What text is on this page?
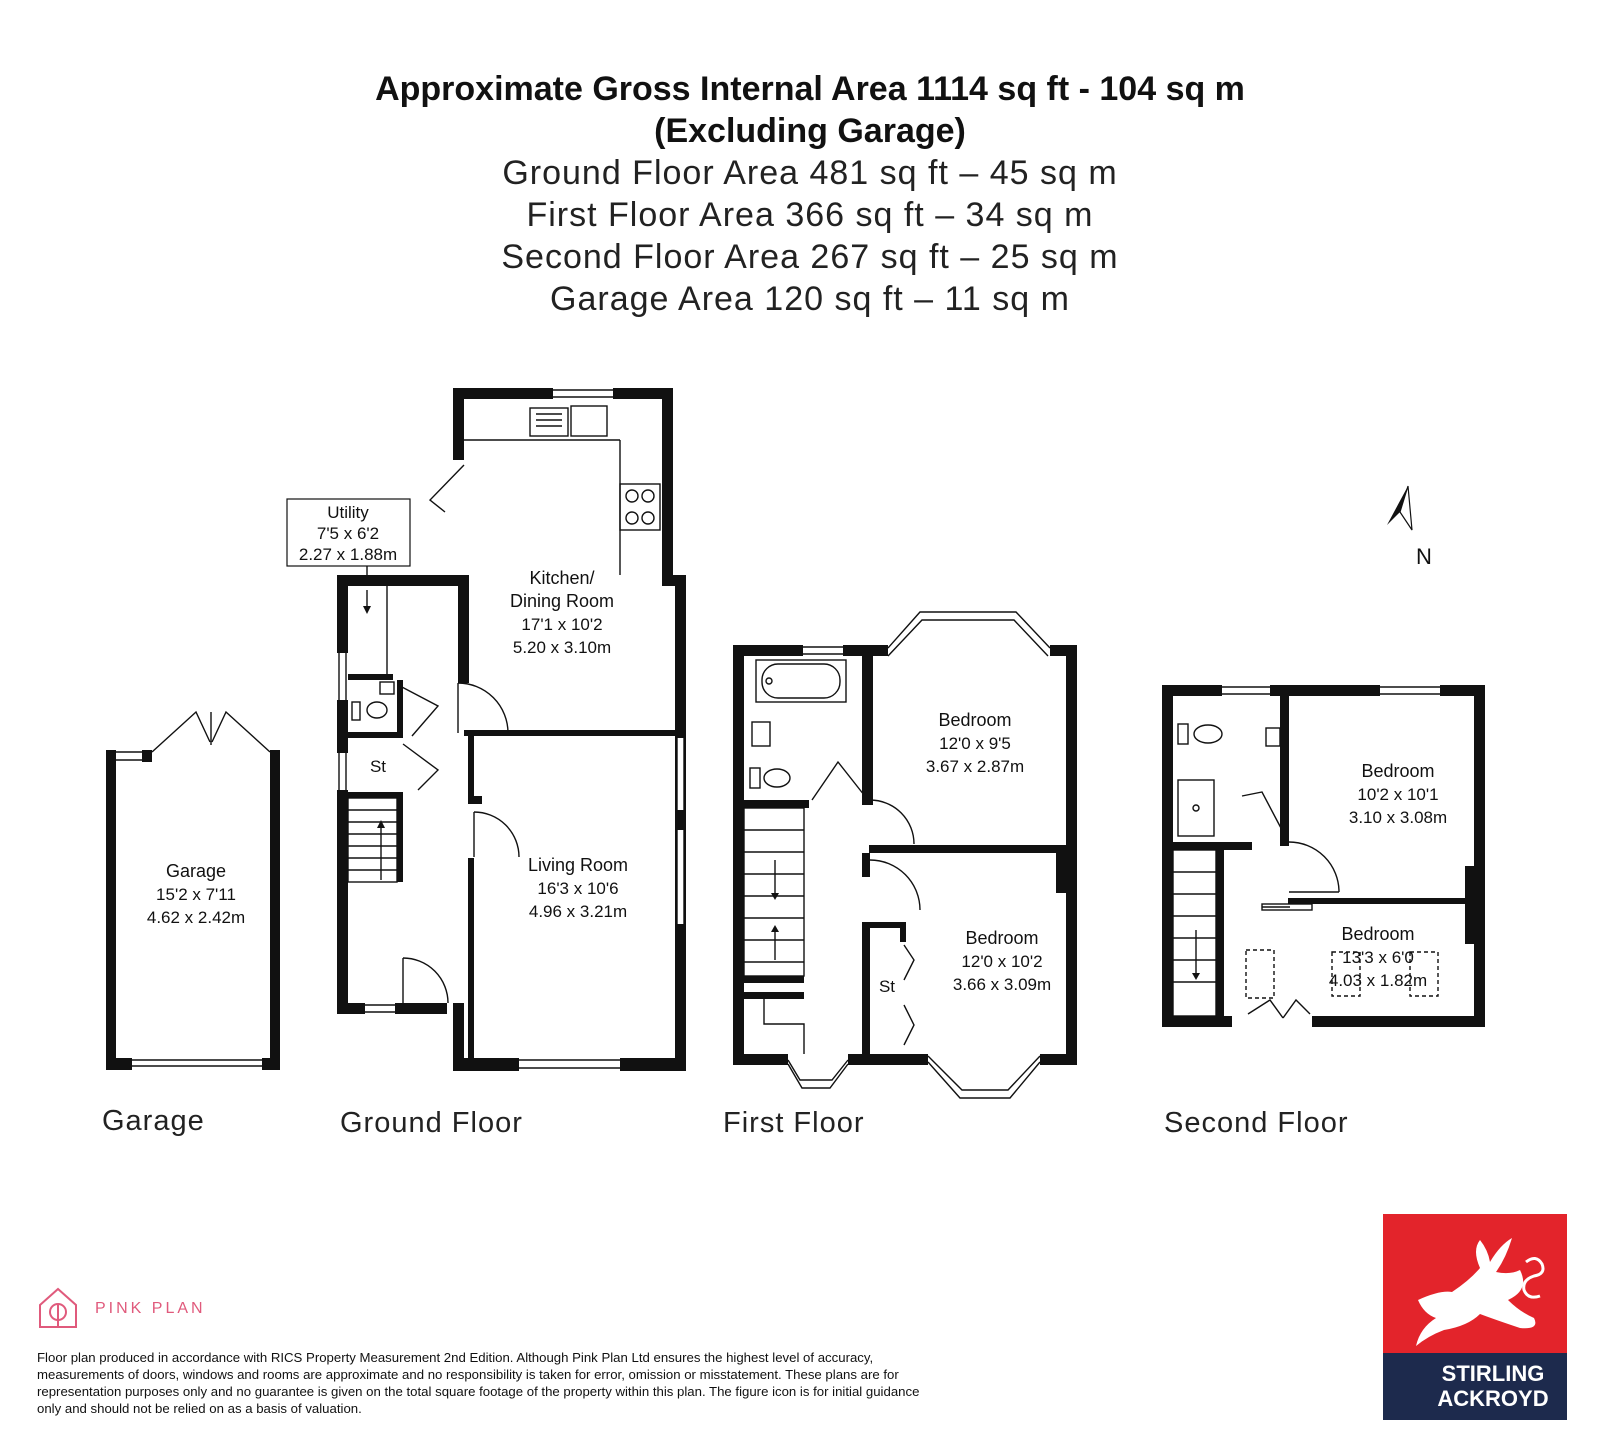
Approximate Gross Internal Area 1114 sq ft - 104 sq m
(Excluding Garage)
Ground Floor Area 481 sq ft – 45 sq m
First Floor Area 366 sq ft – 34 sq m
Second Floor Area 267 sq ft – 25 sq m
Garage Area 120 sq ft – 11 sq m
Garage
15'2 x 7'11
4.62 x 2.42m
Utility
7'5 x 6'2
2.27 x 1.88m
Kitchen/
Dining Room
17'1 x 10'2
5.20 x 3.10m
Living Room
16'3 x 10'6
4.96 x 3.21m
St
Bedroom
12'0 x 9'5
3.67 x 2.87m
Bedroom
12'0 x 10'2
3.66 x 3.09m
St
Bedroom
10'2 x 10'1
3.10 x 3.08m
Bedroom
13'3 x 6'0
4.03 x 1.82m
Garage	Ground Floor	First Floor	Second Floor
N
STIRLING
ACKROYD
PINK PLAN
Floor plan produced in accordance with RICS Property Measurement 2nd Edition. Although Pink Plan Ltd ensures the highest level of accuracy, measurements of doors, windows and rooms are approximate and no responsibility is taken for error, omission or misstatement. These plans are for representation purposes only and no guarantee is given on the total square footage of the property within this plan. The figure icon is for initial guidance only and should not be relied on as a basis of valuation.
